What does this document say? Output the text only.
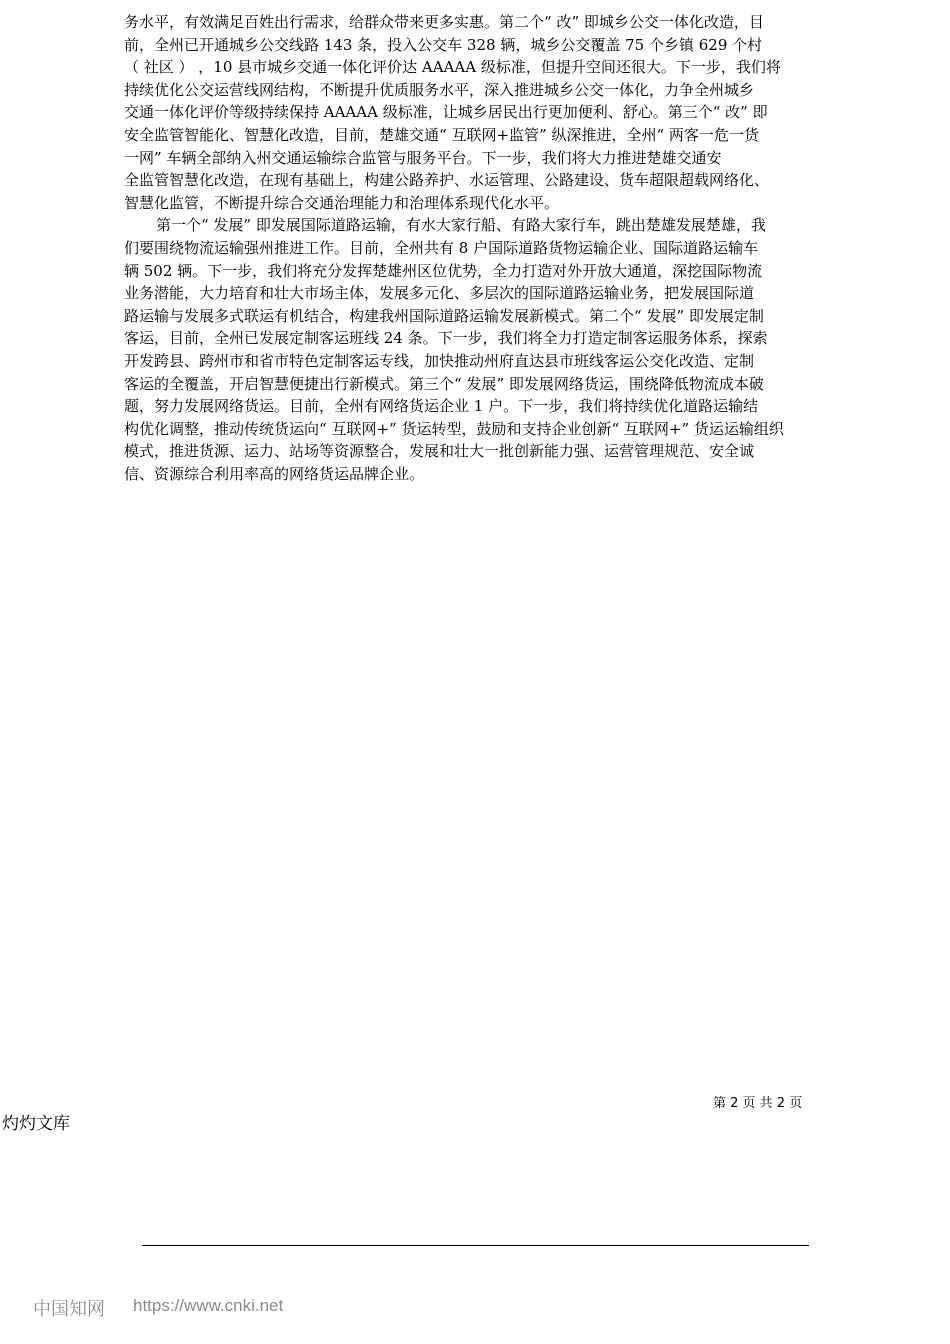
务水平，有效满足百姓出行需求，给群众带来更多实惠。第二个“ 改” 即城乡公交一体化改造，目
前，全州已开通城乡公交线路 143 条，投入公交车 328 辆，城乡公交覆盖 75 个乡镇 629 个村
（ 社区 ） ，10 县市城乡交通一体化评价达 AAAAA 级标准，但提升空间还很大。下一步，我们将
持续优化公交运营线网结构，不断提升优质服务水平，深入推进城乡公交一体化，力争全州城乡
交通一体化评价等级持续保持 AAAAA 级标准，让城乡居民出行更加便利、舒心。第三个“ 改” 即
安全监管智能化、智慧化改造，目前，楚雄交通“ 互联网+监管” 纵深推进，全州“ 两客一危一货
一网” 车辆全部纳入州交通运输综合监管与服务平台。下一步，我们将大力推进楚雄交通安
全监管智慧化改造，在现有基础上，构建公路养护、水运管理、公路建设、货车超限超载网络化、
智慧化监管，不断提升综合交通治理能力和治理体系现代化水平。

第一个“ 发展” 即发展国际道路运输，有水大家行船、有路大家行车，跳出楚雄发展楚雄，我
们要围绕物流运输强州推进工作。目前，全州共有 8 户国际道路货物运输企业、国际道路运输车
辆 502 辆。下一步，我们将充分发挥楚雄州区位优势，全力打造对外开放大通道，深挖国际物流
业务潜能，大力培育和壮大市场主体，发展多元化、多层次的国际道路运输业务，把发展国际道
路运输与发展多式联运有机结合，构建我州国际道路运输发展新模式。第二个“ 发展” 即发展定制
客运，目前，全州已发展定制客运班线 24 条。下一步，我们将全力打造定制客运服务体系，探索
开发跨县、跨州市和省市特色定制客运专线，加快推动州府直达县市班线客运公交化改造、定制
客运的全覆盖，开启智慧便捷出行新模式。第三个“ 发展” 即发展网络货运，围绕降低物流成本破
题，努力发展网络货运。目前，全州有网络货运企业 1 户。下一步，我们将持续优化道路运输结
构优化调整，推动传统货运向“ 互联网+” 货运转型，鼓励和支持企业创新“ 互联网+” 货运运输组织
模式，推进货源、运力、站场等资源整合，发展和壮大一批创新能力强、运营管理规范、安全诚
信、资源综合利用率高的网络货运品牌企业。

第 2 页 共 2 页
灼灼文库
中国知网 https://www.cnki.net
